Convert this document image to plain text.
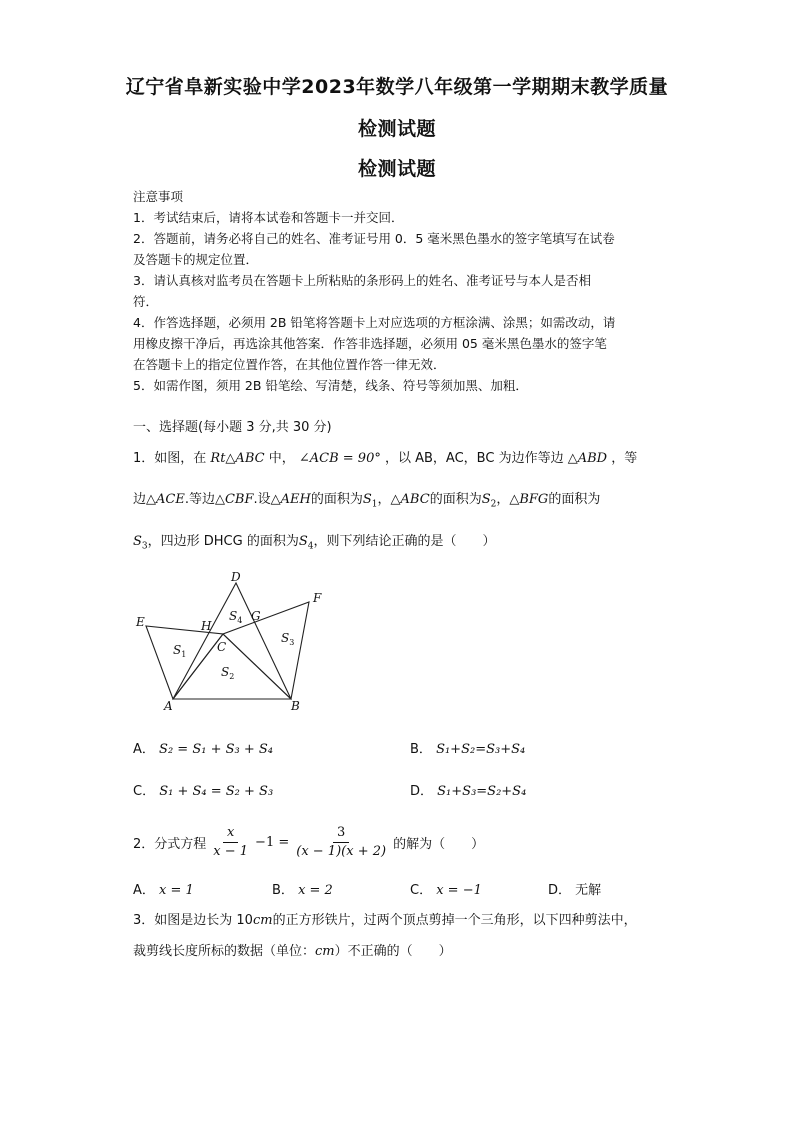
辽宁省阜新实验中学2023年数学八年级第一学期期末教学质量
检测试题
检测试题
注意事项
1．考试结束后，请将本试卷和答题卡一并交回．
2．答题前，请务必将自己的姓名、准考证号用 0．5 毫米黑色墨水的签字笔填写在试卷
及答题卡的规定位置．
3．请认真核对监考员在答题卡上所粘贴的条形码上的姓名、准考证号与本人是否相
符．
4．作答选择题，必须用 2B 铅笔将答题卡上对应选项的方框涂满、涂黑；如需改动，请
用橡皮擦干净后，再选涂其他答案．作答非选择题，必须用 05 毫米黑色墨水的签字笔
在答题卡上的指定位置作答，在其他位置作答一律无效．
5．如需作图，须用 2B 铅笔绘、写清楚，线条、符号等须加黑、加粗．
一、选择题(每小题 3 分,共 30 分)
1．如图，在 Rt△ABC 中， ∠ACB = 90° ，以 AB，AC，BC 为边作等边 △ABD ，等
边△ACE.等边△CBF.设△AEH的面积为$S_1$，△ABC的面积为$S_2$，△BFG的面积为
$S_3$，四边形 DHCG 的面积为$S_4$，则下列结论正确的是（　　）
D
F
E	H
G
C
A	B
$S_4$
$S_1$
$S_3$
$S_2$
A． S₂ = S₁ + S₃ + S₄	B． S₁+S₂=S₃+S₄
C． S₁ + S₄ = S₂ + S₃	D． S₁+S₃=S₂+S₄
2．分式方程 $\frac{x}{x - 1} -1 = \frac{3}{(x - 1)(x + 2)}$ 的解为（　　）
A． x = 1	B． x = 2	C． x = −1	D． 无解
3．如图是边长为 10cm的正方形铁片，过两个顶点剪掉一个三角形，以下四种剪法中，
裁剪线长度所标的数据（单位：cm）不正确的（　　）
